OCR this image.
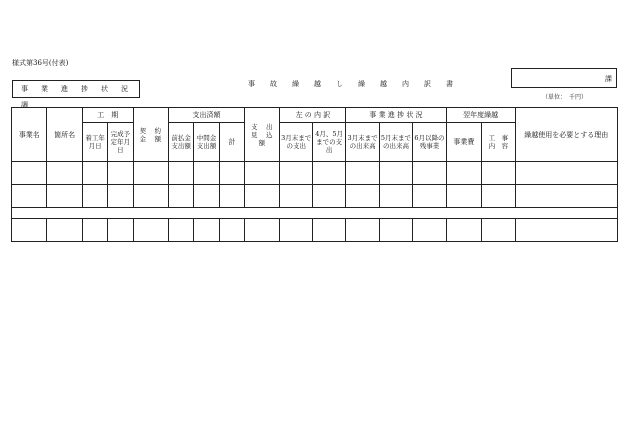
様式第36号(付表)
事　業　進　捗　状　況　調
事　故　繰　越　し　繰　越　内　訳　書
課
（単位：　千円）
事業名	箇所名	工　期		契　約　金　額	支出済額			支　出　見　込　額	左 の 内 訳		事 業 進 捗 状 況			翌年度繰越		繰越使用を必要とする理由
		着工年月日	完成予定年月日		前払金支出額	中間金支出額	計		3月末までの支出	4月、5月までの支出	3月末までの出来高	5月末までの出来高	6月以降の残事業	事業費	工　事　内　容	
